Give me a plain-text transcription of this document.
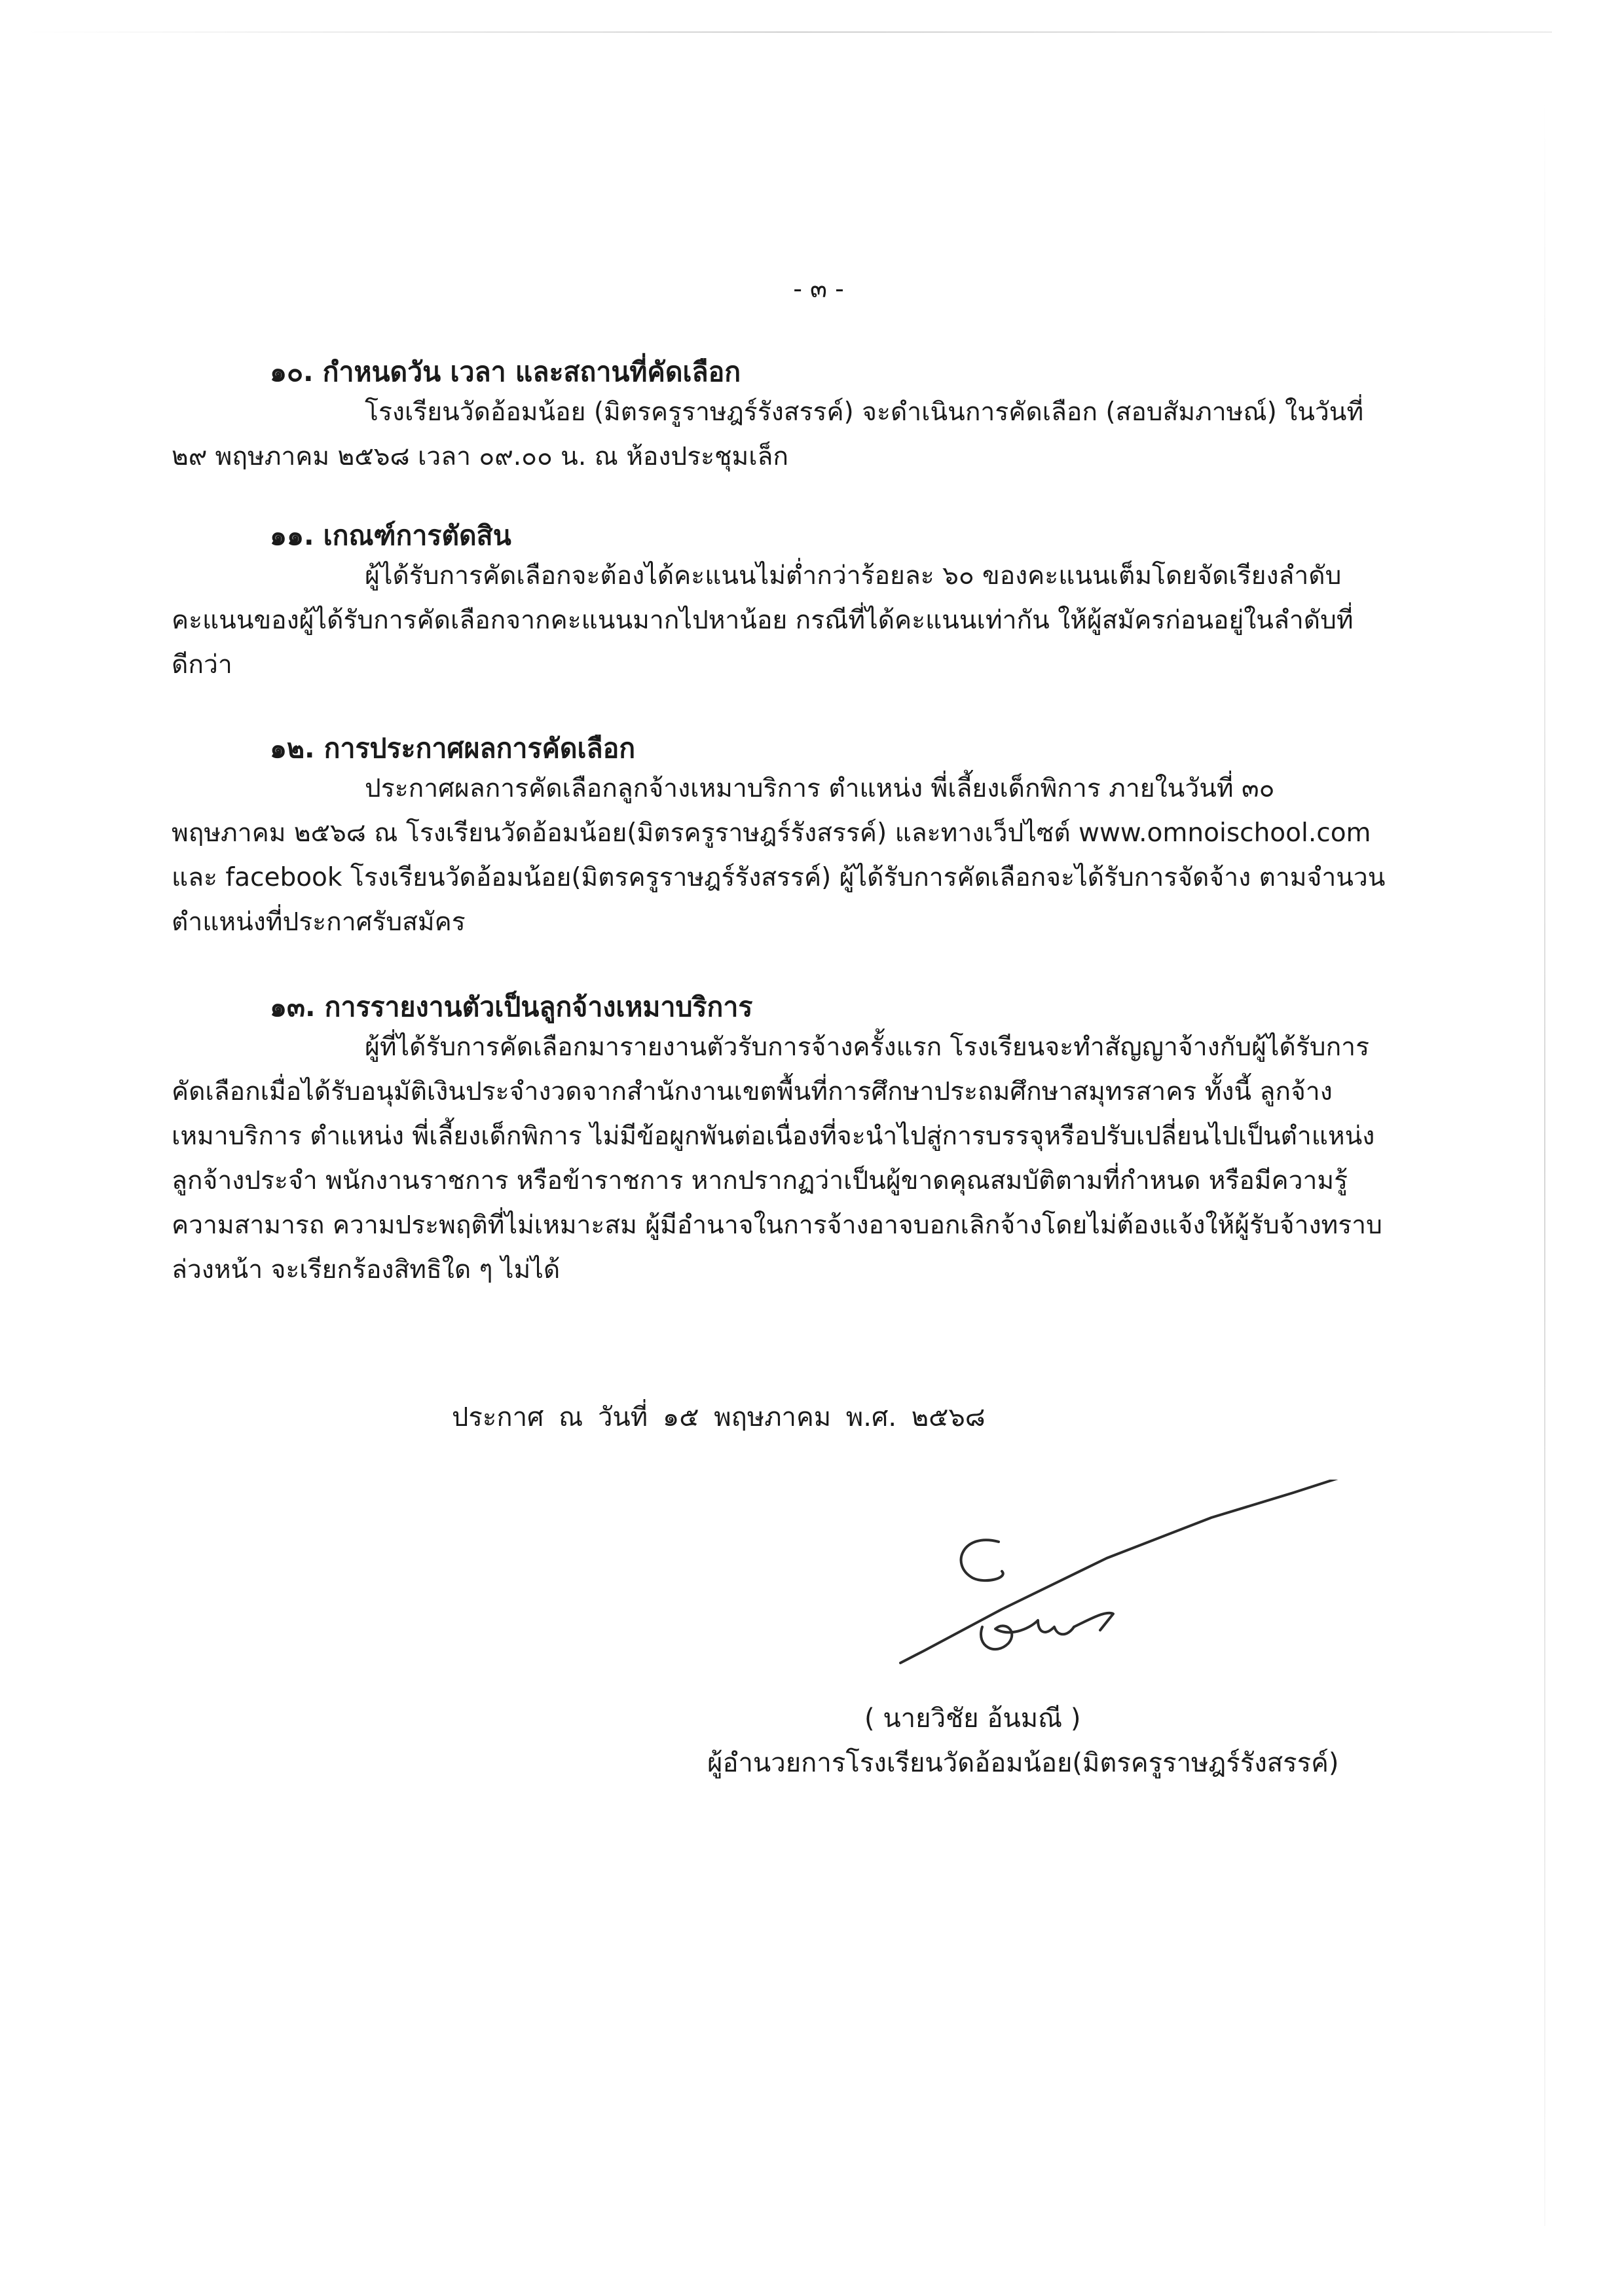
- ๓ -

๑๐. กำหนดวัน เวลา และสถานที่คัดเลือก

โรงเรียนวัดอ้อมน้อย (มิตรครูราษฎร์รังสรรค์) จะดำเนินการคัดเลือก (สอบสัมภาษณ์) ในวันที่
๒๙ พฤษภาคม ๒๕๖๘ เวลา ๐๙.๐๐ น. ณ ห้องประชุมเล็ก

๑๑. เกณฑ์การตัดสิน

ผู้ได้รับการคัดเลือกจะต้องได้คะแนนไม่ต่ำกว่าร้อยละ ๖๐ ของคะแนนเต็มโดยจัดเรียงลำดับ
คะแนนของผู้ได้รับการคัดเลือกจากคะแนนมากไปหาน้อย กรณีที่ได้คะแนนเท่ากัน ให้ผู้สมัครก่อนอยู่ในลำดับที่
ดีกว่า

๑๒. การประกาศผลการคัดเลือก

ประกาศผลการคัดเลือกลูกจ้างเหมาบริการ ตำแหน่ง พี่เลี้ยงเด็กพิการ ภายในวันที่ ๓๐
พฤษภาคม ๒๕๖๘ ณ โรงเรียนวัดอ้อมน้อย(มิตรครูราษฎร์รังสรรค์) และทางเว็ปไซต์ www.omnoischool.com
และ facebook โรงเรียนวัดอ้อมน้อย(มิตรครูราษฎร์รังสรรค์) ผู้ได้รับการคัดเลือกจะได้รับการจัดจ้าง ตามจำนวน
ตำแหน่งที่ประกาศรับสมัคร

๑๓. การรายงานตัวเป็นลูกจ้างเหมาบริการ

ผู้ที่ได้รับการคัดเลือกมารายงานตัวรับการจ้างครั้งแรก โรงเรียนจะทำสัญญาจ้างกับผู้ได้รับการ
คัดเลือกเมื่อได้รับอนุมัติเงินประจำงวดจากสำนักงานเขตพื้นที่การศึกษาประถมศึกษาสมุทรสาคร ทั้งนี้ ลูกจ้าง
เหมาบริการ ตำแหน่ง พี่เลี้ยงเด็กพิการ ไม่มีข้อผูกพันต่อเนื่องที่จะนำไปสู่การบรรจุหรือปรับเปลี่ยนไปเป็นตำแหน่ง
ลูกจ้างประจำ พนักงานราชการ หรือข้าราชการ หากปรากฏว่าเป็นผู้ขาดคุณสมบัติตามที่กำหนด หรือมีความรู้
ความสามารถ ความประพฤติที่ไม่เหมาะสม ผู้มีอำนาจในการจ้างอาจบอกเลิกจ้างโดยไม่ต้องแจ้งให้ผู้รับจ้างทราบ
ล่วงหน้า จะเรียกร้องสิทธิใด ๆ ไม่ได้

ประกาศ ณ วันที่ ๑๕ พฤษภาคม พ.ศ. ๒๕๖๘
( นายวิชัย อ้นมณี )
ผู้อำนวยการโรงเรียนวัดอ้อมน้อย(มิตรครูราษฎร์รังสรรค์)
